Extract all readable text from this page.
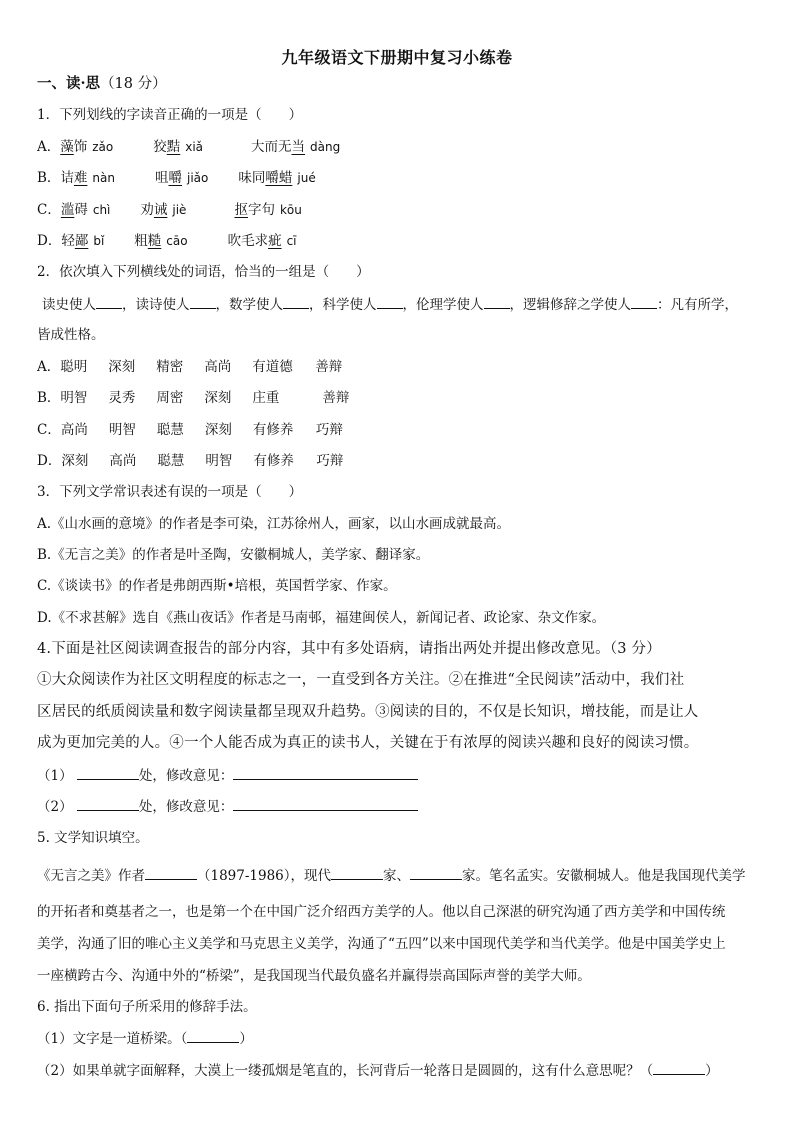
九年级语文下册期中复习小练卷
一、读·思（18 分）
1．下列划线的字读音正确的一项是（　　）
A．藻饰 zǎo	狡黠 xiǎ	大而无当 dàng
B．诘难 nàn	咀嚼 jiǎo 味同嚼蜡 jué
C．滥碍 chì 劝诫 jiè	抠字句 kōu
D．轻鄙 bǐ 粗糙 cāo	吹毛求疵 cī
2．依次填入下列横线处的词语，恰当的一组是（　　）
读史使人 ，读诗使人 ，数学使人 ，科学使人 ，伦理学使人 ，逻辑修辞之学使人 ：凡有所学，
皆成性格。
A．聪明 深刻 精密 高尚 有道德 善辩
B．明智 灵秀 周密 深刻 庄重	善辩
C．高尚 明智 聪慧 深刻 有修养 巧辩
D．深刻 高尚 聪慧 明智 有修养 巧辩
3．下列文学常识表述有误的一项是（　　）
A.《山水画的意境》的作者是李可染，江苏徐州人，画家，以山水画成就最高。
B.《无言之美》的作者是叶圣陶，安徽桐城人，美学家、翻译家。
C.《谈读书》的作者是弗朗西斯•培根，英国哲学家、作家。
D.《不求甚解》选自《燕山夜话》作者是马南邨，福建闽侯人，新闻记者、政论家、杂文作家。
4.下面是社区阅读调查报告的部分内容，其中有多处语病，请指出两处并提出修改意见。（3 分）
①大众阅读作为社区文明程度的标志之一，一直受到各方关注。②在推进“全民阅读”活动中，我们社
区居民的纸质阅读量和数字阅读量都呈现双升趋势。③阅读的目的，不仅是长知识，增技能，而是让人
成为更加完美的人。④一个人能否成为真正的读书人，关键在于有浓厚的阅读兴趣和良好的阅读习惯。
（1）	处，修改意见：
（2）	处，修改意见：
5. 文学知识填空。
《无言之美》作者	（1897-1986），现代	家、	家。笔名孟实。安徽桐城人。他是我国现代美学
的开拓者和奠基者之一，也是第一个在中国广泛介绍西方美学的人。他以自己深湛的研究沟通了西方美学和中国传统
美学，沟通了旧的唯心主义美学和马克思主义美学，沟通了“五四”以来中国现代美学和当代美学。他是中国美学史上
一座横跨古今、沟通中外的“桥梁”，是我国现当代最负盛名并赢得崇高国际声誉的美学大师。
6. 指出下面句子所采用的修辞手法。
（1）文字是一道桥梁。（	）
（2）如果单就字面解释，大漠上一缕孤烟是笔直的，长河背后一轮落日是圆圆的，这有什么意思呢？（	）
